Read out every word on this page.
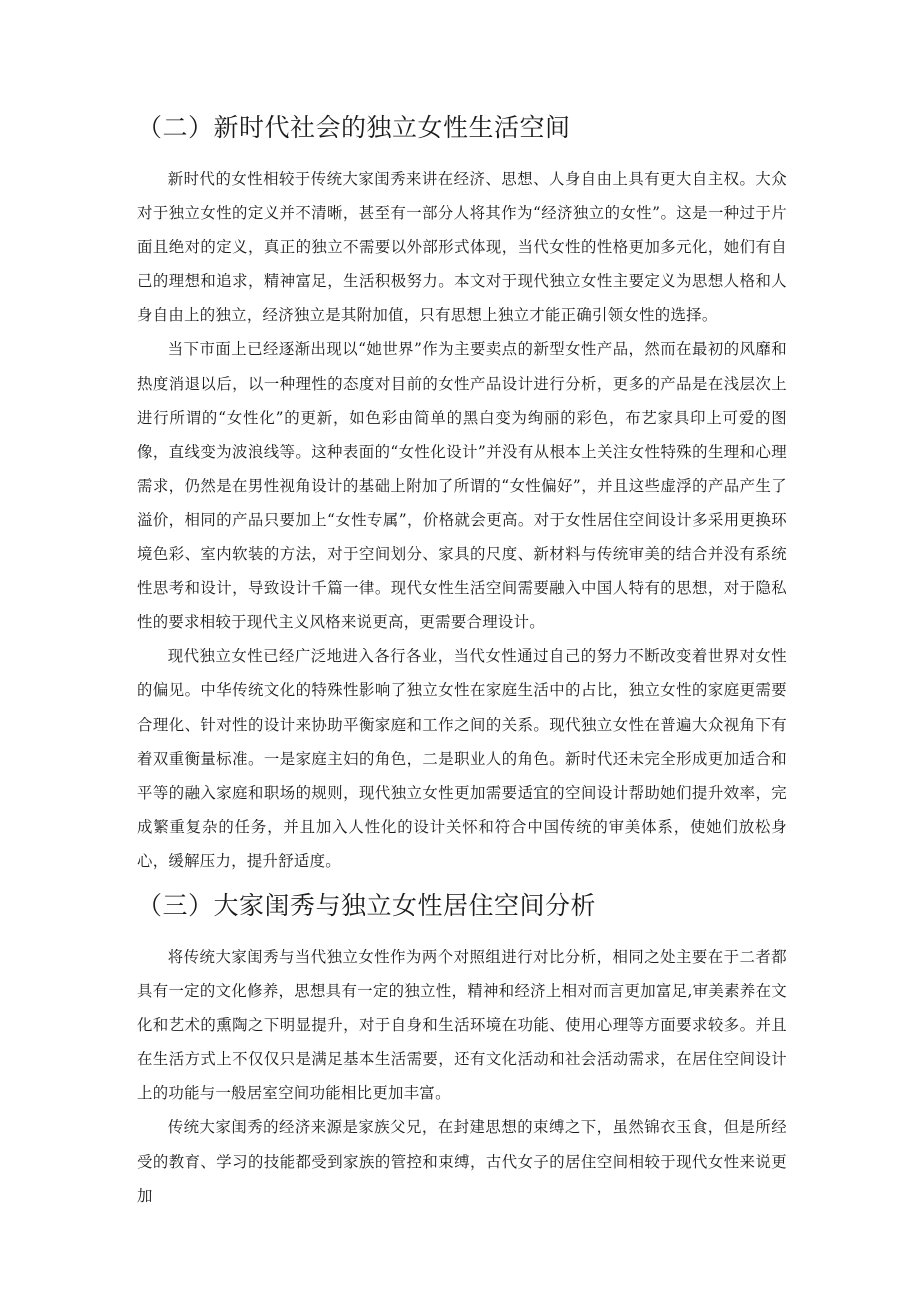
（二）新时代社会的独立女性生活空间

新时代的女性相较于传统大家闺秀来讲在经济、思想、人身自由上具有更大自主权。大众对于独立女性的定义并不清晰，甚至有一部分人将其作为“经济独立的女性”。这是一种过于片面且绝对的定义，真正的独立不需要以外部形式体现，当代女性的性格更加多元化，她们有自己的理想和追求，精神富足，生活积极努力。本文对于现代独立女性主要定义为思想人格和人身自由上的独立，经济独立是其附加值，只有思想上独立才能正确引领女性的选择。

当下市面上已经逐渐出现以“她世界”作为主要卖点的新型女性产品，然而在最初的风靡和热度消退以后，以一种理性的态度对目前的女性产品设计进行分析，更多的产品是在浅层次上进行所谓的“女性化”的更新，如色彩由简单的黑白变为绚丽的彩色，布艺家具印上可爱的图像，直线变为波浪线等。这种表面的“女性化设计”并没有从根本上关注女性特殊的生理和心理需求，仍然是在男性视角设计的基础上附加了所谓的“女性偏好”，并且这些虚浮的产品产生了溢价，相同的产品只要加上“女性专属”，价格就会更高。对于女性居住空间设计多采用更换环境色彩、室内软装的方法，对于空间划分、家具的尺度、新材料与传统审美的结合并没有系统性思考和设计，导致设计千篇一律。现代女性生活空间需要融入中国人特有的思想，对于隐私性的要求相较于现代主义风格来说更高，更需要合理设计。

现代独立女性已经广泛地进入各行各业，当代女性通过自己的努力不断改变着世界对女性的偏见。中华传统文化的特殊性影响了独立女性在家庭生活中的占比，独立女性的家庭更需要合理化、针对性的设计来协助平衡家庭和工作之间的关系。现代独立女性在普遍大众视角下有着双重衡量标准。一是家庭主妇的角色，二是职业人的角色。新时代还未完全形成更加适合和平等的融入家庭和职场的规则，现代独立女性更加需要适宜的空间设计帮助她们提升效率，完成繁重复杂的任务，并且加入人性化的设计关怀和符合中国传统的审美体系，使她们放松身心，缓解压力，提升舒适度。

（三）大家闺秀与独立女性居住空间分析

将传统大家闺秀与当代独立女性作为两个对照组进行对比分析，相同之处主要在于二者都具有一定的文化修养，思想具有一定的独立性，精神和经济上相对而言更加富足,审美素养在文化和艺术的熏陶之下明显提升，对于自身和生活环境在功能、使用心理等方面要求较多。并且在生活方式上不仅仅只是满足基本生活需要，还有文化活动和社会活动需求，在居住空间设计上的功能与一般居室空间功能相比更加丰富。

传统大家闺秀的经济来源是家族父兄，在封建思想的束缚之下，虽然锦衣玉食，但是所经受的教育、学习的技能都受到家族的管控和束缚，古代女子的居住空间相较于现代女性来说更加
